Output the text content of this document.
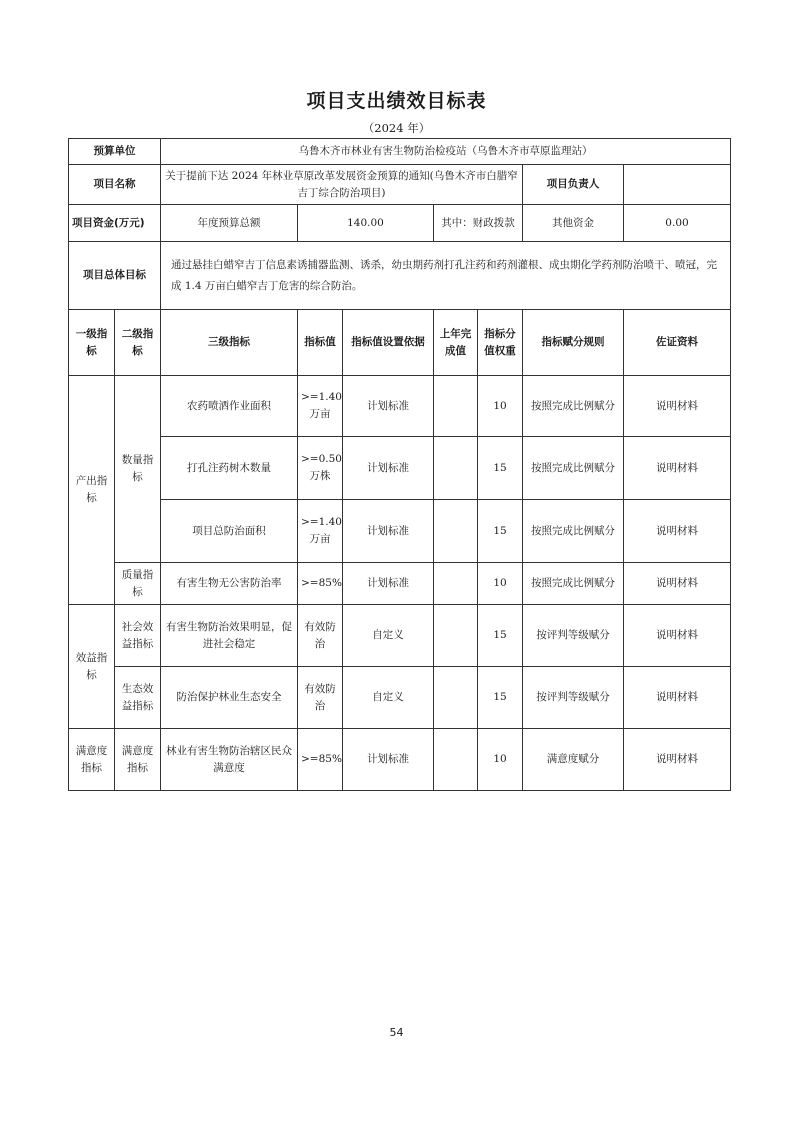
项目支出绩效目标表
（2024 年）
预算单位		乌鲁木齐市林业有害生物防治检疫站（乌鲁木齐市草原监理站）						
项目名称		关于提前下达 2024 年林业草原改革发展资金预算的通知(乌鲁木齐市白腊窄吉丁综合防治项目)					项目负责人	
项目资金(万元)		年度预算总额	140.00		其中：财政拨款		其他资金	0.00
项目总体目标		通过悬挂白蜡窄吉丁信息素诱捕器监测、诱杀，幼虫期药剂打孔注药和药剂灌根、成虫期化学药剂防治喷干、喷冠，完成 1.4 万亩白蜡窄吉丁危害的综合防治。						
一级指标	二级指标	三级指标	指标值	指标值设置依据	上年完成值	指标分值权重	指标赋分规则	佐证资料
产出指标	数量指标	农药喷洒作业面积	>=1.40万亩	计划标准		10	按照完成比例赋分	说明材料
		打孔注药树木数量	>=0.50万株	计划标准		15	按照完成比例赋分	说明材料
		项目总防治面积	>=1.40万亩	计划标准		15	按照完成比例赋分	说明材料
	质量指标	有害生物无公害防治率	>=85%	计划标准		10	按照完成比例赋分	说明材料
效益指标	社会效益指标	有害生物防治效果明显，促进社会稳定	有效防治	自定义		15	按评判等级赋分	说明材料
	生态效益指标	防治保护林业生态安全	有效防治	自定义		15	按评判等级赋分	说明材料
满意度指标	满意度指标	林业有害生物防治辖区民众满意度	>=85%	计划标准		10	满意度赋分	说明材料
54
